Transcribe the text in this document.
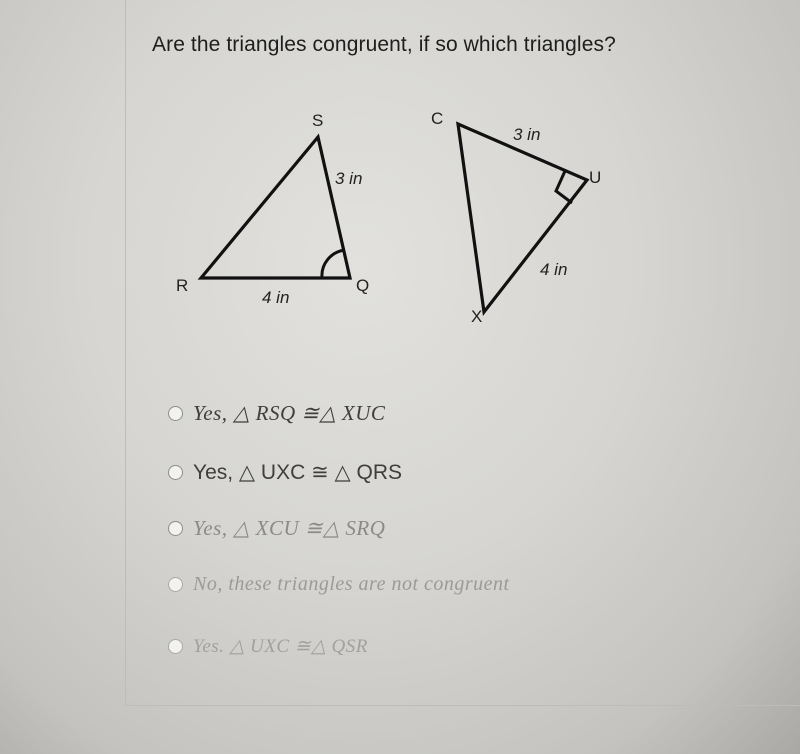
Are the triangles congruent, if so which triangles?
S
R	Q
3 in
4 in
C
U
X
3 in
4 in
Yes, △ RSQ ≅△ XUC
Yes, △ UXC ≅ △ QRS
Yes, △ XCU ≅△ SRQ
No, these triangles are not congruent
Yes. △ UXC ≅△ QSR
